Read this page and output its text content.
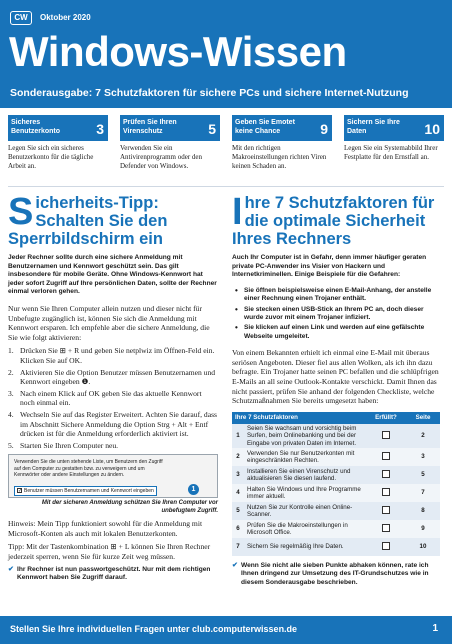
CW	Oktober 2020
Windows-Wissen
Sonderausgabe: 7 Schutzfaktoren für sichere PCs und sichere Internet-Nutzung
Sicheres Benutzerkonto	3
Legen Sie sich ein sicheres Benutzerkonto für die tägliche Arbeit an.
Prüfen Sie Ihren Virenschutz	5
Verwenden Sie ein Antivirenprogramm oder den Defender von Windows.
Geben Sie Emotet keine Chance	9
Mit den richtigen Makroeinstellungen richten Viren keinen Schaden an.
Sichern Sie Ihre Daten	10
Legen Sie ein Systemabbild Ihrer Festplatte für den Ernstfall an.
Sicherheits-Tipp: Schalten Sie den Sperrbildschirm ein
Jeder Rechner sollte durch eine sichere Anmeldung mit Benutzernamen und Kennwort geschützt sein. Das gilt insbesondere für mobile Geräte. Ohne Windows-Kennwort hat jeder sofort Zugriff auf Ihre persönlichen Daten, sollte der Rechner einmal verloren gehen.
Nur wenn Sie Ihren Computer allein nutzen und dieser nicht für Unbefugte zugänglich ist, können Sie sich die Anmeldung mit Kennwort ersparen. Ich empfehle aber die sichere Anmeldung, die Sie wie folgt aktivieren:
1. Drücken Sie ⊞ + R und geben Sie netplwiz im Öffnen-Feld ein. Klicken Sie auf OK.
2. Aktivieren Sie die Option Benutzer müssen Benutzernamen und Kennwort eingeben ❶.
3. Nach einem Klick auf OK geben Sie das aktuelle Kennwort noch einmal ein.
4. Wechseln Sie auf das Register Erweitert. Achten Sie darauf, dass im Abschnitt Sichere Anmeldung die Option Strg + Alt + Entf drücken ist für die Anmeldung erforderlich aktiviert ist.
5. Starten Sie Ihren Computer neu.
Verwenden Sie die unten stehende Liste, um Benutzern den Zugriff auf den Computer zu gestatten bzw. zu verweigern und um Kennwörter oder andere Einstellungen zu ändern.
✓ Benutzer müssen Benutzernamen und Kennwort eingeben	1
Mit der sicheren Anmeldung schützen Sie Ihren Computer vor unbefugtem Zugriff.
Hinweis: Mein Tipp funktioniert sowohl für die Anmeldung mit Microsoft-Konten als auch mit lokalen Benutzerkonten.
Tipp: Mit der Tastenkombination ⊞ + L können Sie Ihren Rechner jederzeit sperren, wenn Sie für kurze Zeit weg müssen.
✔ Ihr Rechner ist nun passwortgeschützt. Nur mit dem richtigen Kennwort haben Sie Zugriff darauf.
Ihre 7 Schutzfaktoren für die optimale Sicherheit Ihres Rechners
Auch Ihr Computer ist in Gefahr, denn immer häufiger geraten private PC-Anwender ins Visier von Hackern und Internetkriminellen. Einige Beispiele für die Gefahren:
• Sie öffnen beispielsweise einen E-Mail-Anhang, der anstelle einer Rechnung einen Trojaner enthält.
• Sie stecken einen USB-Stick an Ihrem PC an, doch dieser wurde zuvor mit einem Trojaner infiziert.
• Sie klicken auf einen Link und werden auf eine gefälschte Webseite umgeleitet.
Von einem Bekannten erhielt ich einmal eine E-Mail mit überaus seriösen Angeboten. Dieser fiel aus allen Wolken, als ich ihn dazu befragte. Ein Trojaner hatte seinen PC befallen und die schlüpfrigen E-Mails an all seine Outlook-Kontakte verschickt. Damit Ihnen das nicht passiert, prüfen Sie anhand der folgenden Checkliste, welche Schutzmaßnahmen Sie bereits umgesetzt haben:
Ihre 7 Schutzfaktoren		Erfüllt?	Seite
1	Seien Sie wachsam und vorsichtig beim Surfen, beim Onlinebanking und bei der Eingabe von privaten Daten im Internet.		2
2	Verwenden Sie nur Benutzerkonten mit eingeschränkten Rechten.		3
3	Installieren Sie einen Virenschutz und aktualisieren Sie diesen laufend.		5
4	Halten Sie Windows und Ihre Programme immer aktuell.		7
5	Nutzen Sie zur Kontrolle einen Online-Scanner.		8
6	Prüfen Sie die Makroeinstellungen in Microsoft Office.		9
7	Sichern Sie regelmäßig Ihre Daten.		10
✔ Wenn Sie nicht alle sieben Punkte abhaken können, rate ich Ihnen dringend zur Umsetzung des IT-Grundschutzes wie in diesem Sonderausgabe beschrieben.
Stellen Sie Ihre individuellen Fragen unter club.computerwissen.de	1
